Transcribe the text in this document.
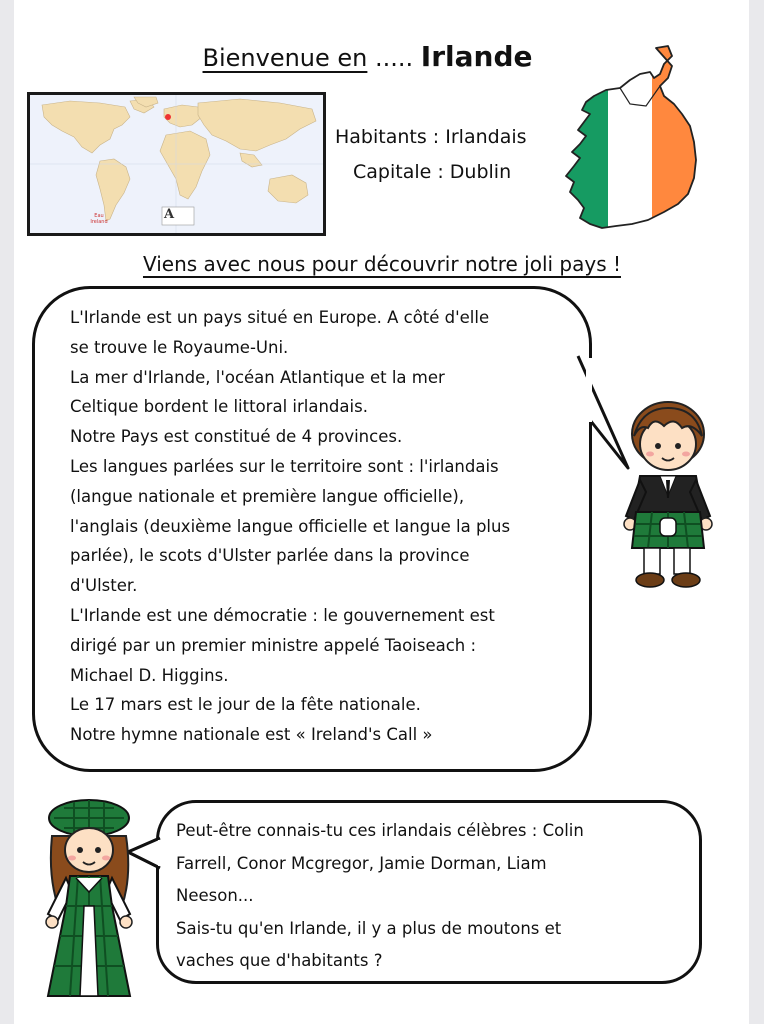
Bienvenue en ..... Irlande
Eau Ireland	A
Habitants : Irlandais
Capitale : Dublin
Viens avec nous pour découvrir notre joli pays !
L'Irlande est un pays situé en Europe. A côté d'elle
se trouve le Royaume-Uni.
La mer d'Irlande, l'océan Atlantique et la mer
Celtique bordent le littoral irlandais.
Notre Pays est constitué de 4 provinces.
Les langues parlées sur le territoire sont : l'irlandais
(langue nationale et première langue officielle),
l'anglais (deuxième langue officielle et langue la plus
parlée), le scots d'Ulster parlée dans la province
d'Ulster.
L'Irlande est une démocratie : le gouvernement est
dirigé par un premier ministre appelé Taoiseach :
Michael D. Higgins.
Le 17 mars est le jour de la fête nationale.
Notre hymne nationale est « Ireland's Call »
Peut-être connais-tu ces irlandais célèbres : Colin
Farrell, Conor Mcgregor, Jamie Dorman, Liam
Neeson...
Sais-tu qu'en Irlande, il y a plus de moutons et
vaches que d'habitants ?
